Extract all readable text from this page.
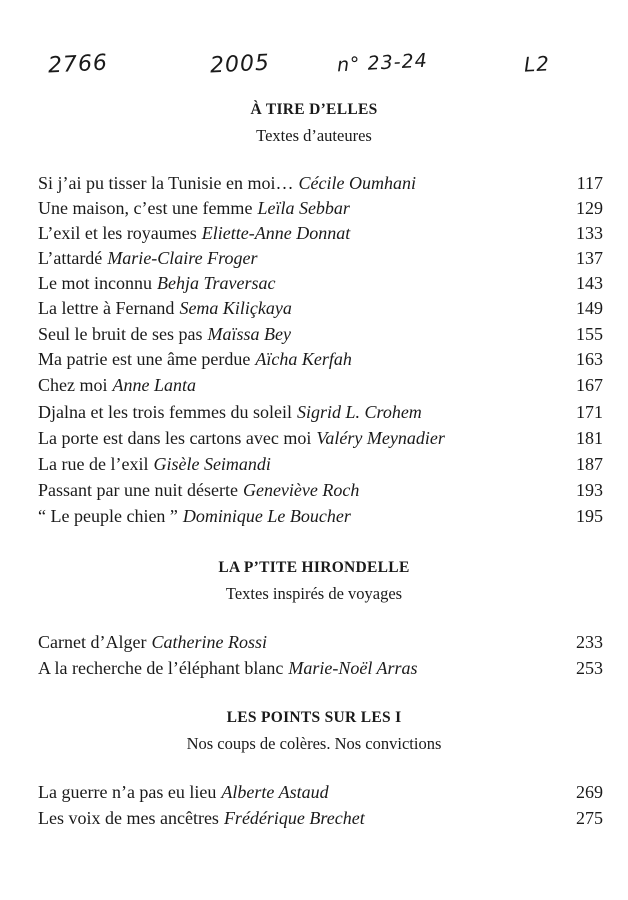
2766	2005	n° 23-24	L2
À TIRE D’ELLES
Textes d’auteures
Si j’ai pu tisser la Tunisie en moi… Cécile Oumhani	117
Une maison, c’est une femme Leïla Sebbar	129
L’exil et les royaumes Eliette-Anne Donnat	133
L’attardé Marie-Claire Froger	137
Le mot inconnu Behja Traversac	143
La lettre à Fernand Sema Kiliçkaya	149
Seul le bruit de ses pas Maïssa Bey	155
Ma patrie est une âme perdue Aïcha Kerfah	163
Chez moi Anne Lanta	167
Djalna et les trois femmes du soleil Sigrid L. Crohem	171
La porte est dans les cartons avec moi Valéry Meynadier	181
La rue de l’exil Gisèle Seimandi	187
Passant par une nuit déserte Geneviève Roch	193
“ Le peuple chien ” Dominique Le Boucher	195
LA P’TITE HIRONDELLE
Textes inspirés de voyages
Carnet d’Alger Catherine Rossi	233
A la recherche de l’éléphant blanc Marie-Noël Arras	253
LES POINTS SUR LES I
Nos coups de colères. Nos convictions
La guerre n’a pas eu lieu Alberte Astaud	269
Les voix de mes ancêtres Frédérique Brechet	275
